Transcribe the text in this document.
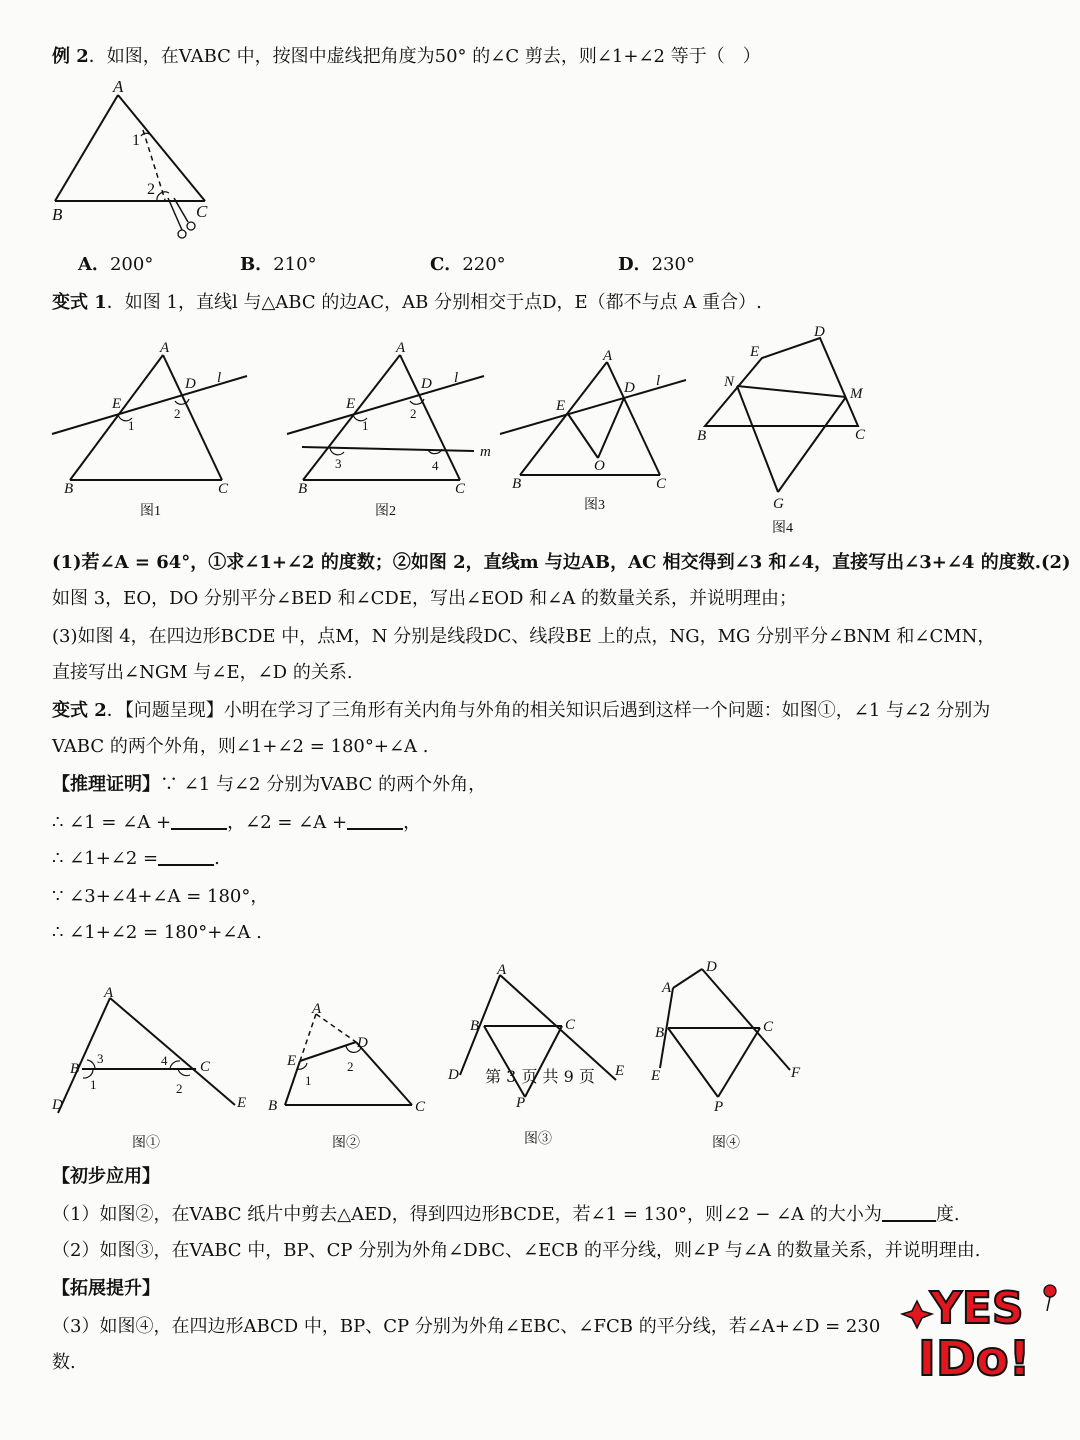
例 2．如图，在VABC 中，按图中虚线把角度为50° 的∠C 剪去，则∠1+∠2 等于（　）
A
B	C
1
2
A．200°	B．210°	C．220°	D．230°
变式 1．如图 1，直线l 与△ABC 的边AC，AB 分别相交于点D，E（都不与点 A 重合）.
A
B	C
D
E
l
1
2
图1
A
B	C
D
E
l
m
1
2
3	4
图2
A
B	C
D
E
O
l
图3
D
E
N
M
B	C
G
图4
(1)若∠A = 64°，①求∠1+∠2 的度数；②如图 2，直线m 与边AB，AC 相交得到∠3 和∠4，直接写出∠3+∠4 的度数.(2)
如图 3，EO，DO 分别平分∠BED 和∠CDE，写出∠EOD 和∠A 的数量关系，并说明理由；
(3)如图 4，在四边形BCDE 中，点M，N 分别是线段DC、线段BE 上的点，NG，MG 分别平分∠BNM 和∠CMN，
直接写出∠NGM 与∠E，∠D 的关系.
变式 2．【问题呈现】小明在学习了三角形有关内角与外角的相关知识后遇到这样一个问题：如图①，∠1 与∠2 分别为
VABC 的两个外角，则∠1+∠2 = 180°+∠A .
【推理证明】∵ ∠1 与∠2 分别为VABC 的两个外角，
∴ ∠1 = ∠A +	，∠2 = ∠A +	，
∴ ∠1+∠2 =	.
∵ ∠3+∠4+∠A = 180°，
∴ ∠1+∠2 = 180°+∠A .
A
B	C
D	E
1	2
3	4
图①
A
B	C
D
E
1
2
图②
A
B	C
D	E
P
图③
A
B	C
D
E	F
P
图④
【初步应用】
（1）如图②，在VABC 纸片中剪去△AED，得到四边形BCDE，若∠1 = 130°，则∠2 − ∠A 的大小为	度.
（2）如图③，在VABC 中，BP、CP 分别为外角∠DBC、∠ECB 的平分线，则∠P 与∠A 的数量关系，并说明理由.
【拓展提升】
（3）如图④，在四边形ABCD 中，BP、CP 分别为外角∠EBC、∠FCB 的平分线，若∠A+∠D = 230
数.
YES
IDo!
第 3 页 共 9 页
